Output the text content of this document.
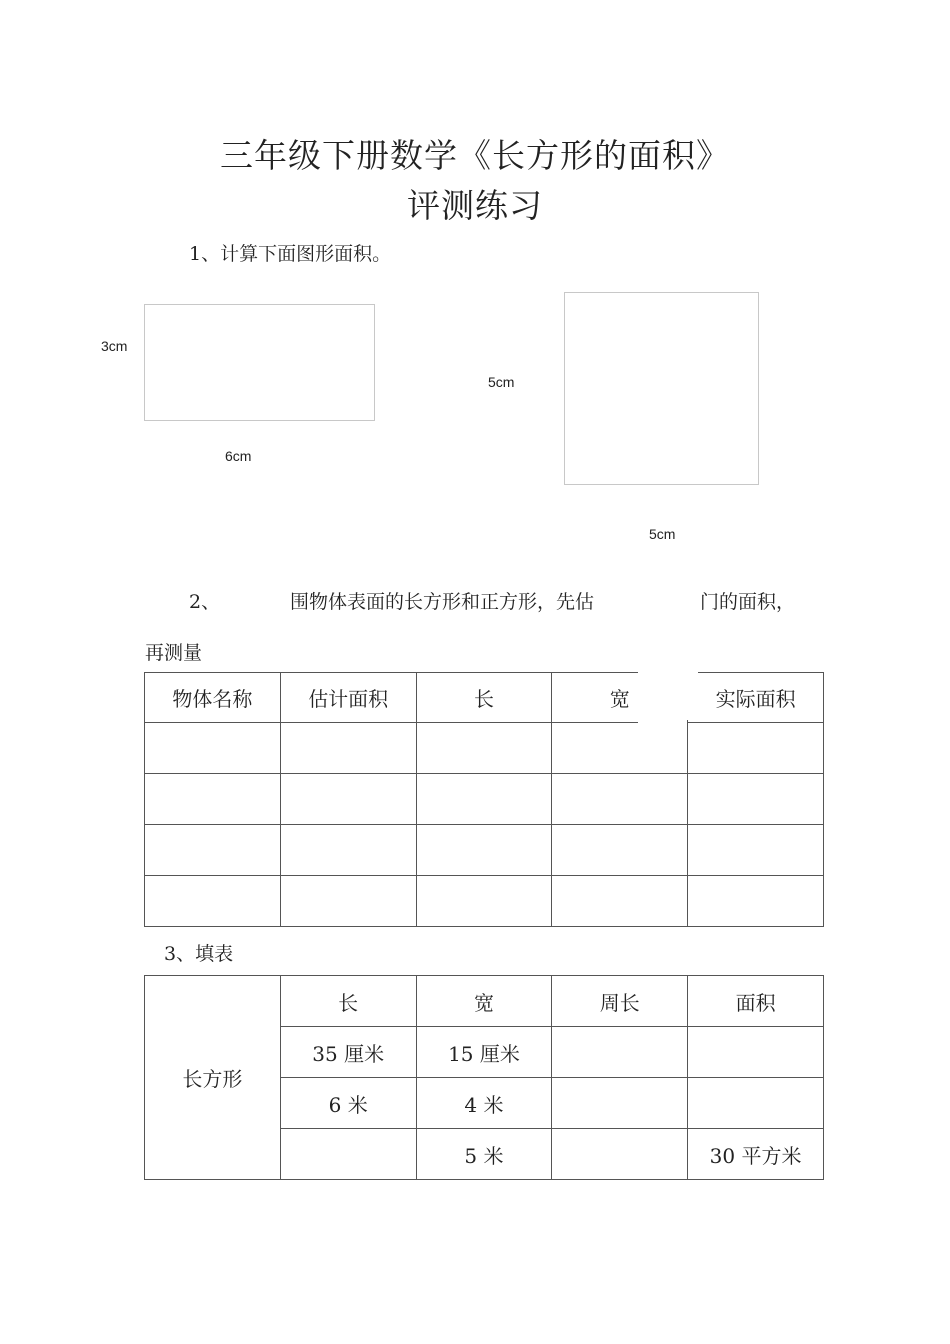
三年级下册数学《长方形的面积》
评测练习
1、计算下面图形面积。
3cm
6cm
5cm
5cm
2、	围物体表面的长方形和正方形，先估	门的面积，
再测量
物体名称	估计面积	长	宽	实际面积

3、填表
长方形	长	宽	周长	面积
	35 厘米	15 厘米		
	6 米	4 米		
		5 米		30 平方米
